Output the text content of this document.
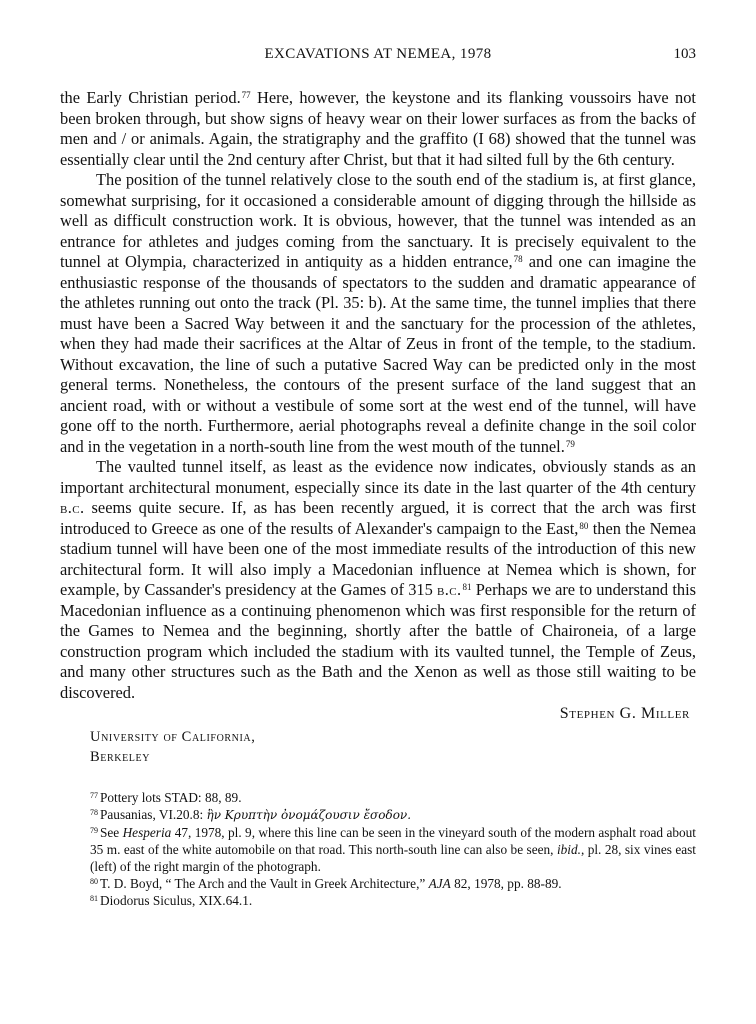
EXCAVATIONS AT NEMEA, 1978	103

the Early Christian period.$^{77}$ Here, however, the keystone and its flanking voussoirs have not been broken through, but show signs of heavy wear on their lower surfaces as from the backs of men and / or animals. Again, the stratigraphy and the graffito (I 68) showed that the tunnel was essentially clear until the 2nd century after Christ, but that it had silted full by the 6th century.

The position of the tunnel relatively close to the south end of the stadium is, at first glance, somewhat surprising, for it occasioned a considerable amount of digging through the hillside as well as difficult construction work. It is obvious, however, that the tunnel was intended as an entrance for athletes and judges coming from the sanctuary. It is precisely equivalent to the tunnel at Olympia, characterized in antiquity as a hidden entrance,$^{78}$ and one can imagine the enthusiastic response of the thousands of spectators to the sudden and dramatic appearance of the athletes running out onto the track (Pl. 35: b). At the same time, the tunnel implies that there must have been a Sacred Way between it and the sanctuary for the procession of the athletes, when they had made their sacrifices at the Altar of Zeus in front of the temple, to the stadium. Without excavation, the line of such a putative Sacred Way can be predicted only in the most general terms. Nonetheless, the contours of the present surface of the land suggest that an ancient road, with or without a vestibule of some sort at the west end of the tunnel, will have gone off to the north. Furthermore, aerial photographs reveal a definite change in the soil color and in the vegetation in a north-south line from the west mouth of the tunnel.$^{79}$

The vaulted tunnel itself, as least as the evidence now indicates, obviously stands as an important architectural monument, especially since its date in the last quarter of the 4th century b.c. seems quite secure. If, as has been recently argued, it is correct that the arch was first introduced to Greece as one of the results of Alexander's campaign to the East,$^{80}$ then the Nemea stadium tunnel will have been one of the most immediate results of the introduction of this new architectural form. It will also imply a Macedonian influence at Nemea which is shown, for example, by Cassander's presidency at the Games of 315 b.c.$^{81}$ Perhaps we are to understand this Macedonian influence as a continuing phenomenon which was first responsible for the return of the Games to Nemea and the beginning, shortly after the battle of Chaironeia, of a large construction program which included the stadium with its vaulted tunnel, the Temple of Zeus, and many other structures such as the Bath and the Xenon as well as those still waiting to be discovered.

Stephen G. Miller
University of California,
Berkeley

$^{77}$ Pottery lots STAD: 88, 89.

$^{78}$ Pausanias, VI.20.8: ἣν Κρυπτὴν ὀνομάζουσιν ἔσοδον.

$^{79}$ See Hesperia 47, 1978, pl. 9, where this line can be seen in the vineyard south of the modern asphalt road about 35 m. east of the white automobile on that road. This north-south line can also be seen, ibid., pl. 28, six vines east (left) of the right margin of the photograph.

$^{80}$ T. D. Boyd, “ The Arch and the Vault in Greek Architecture,” AJA 82, 1978, pp. 88-89.

$^{81}$ Diodorus Siculus, XIX.64.1.
